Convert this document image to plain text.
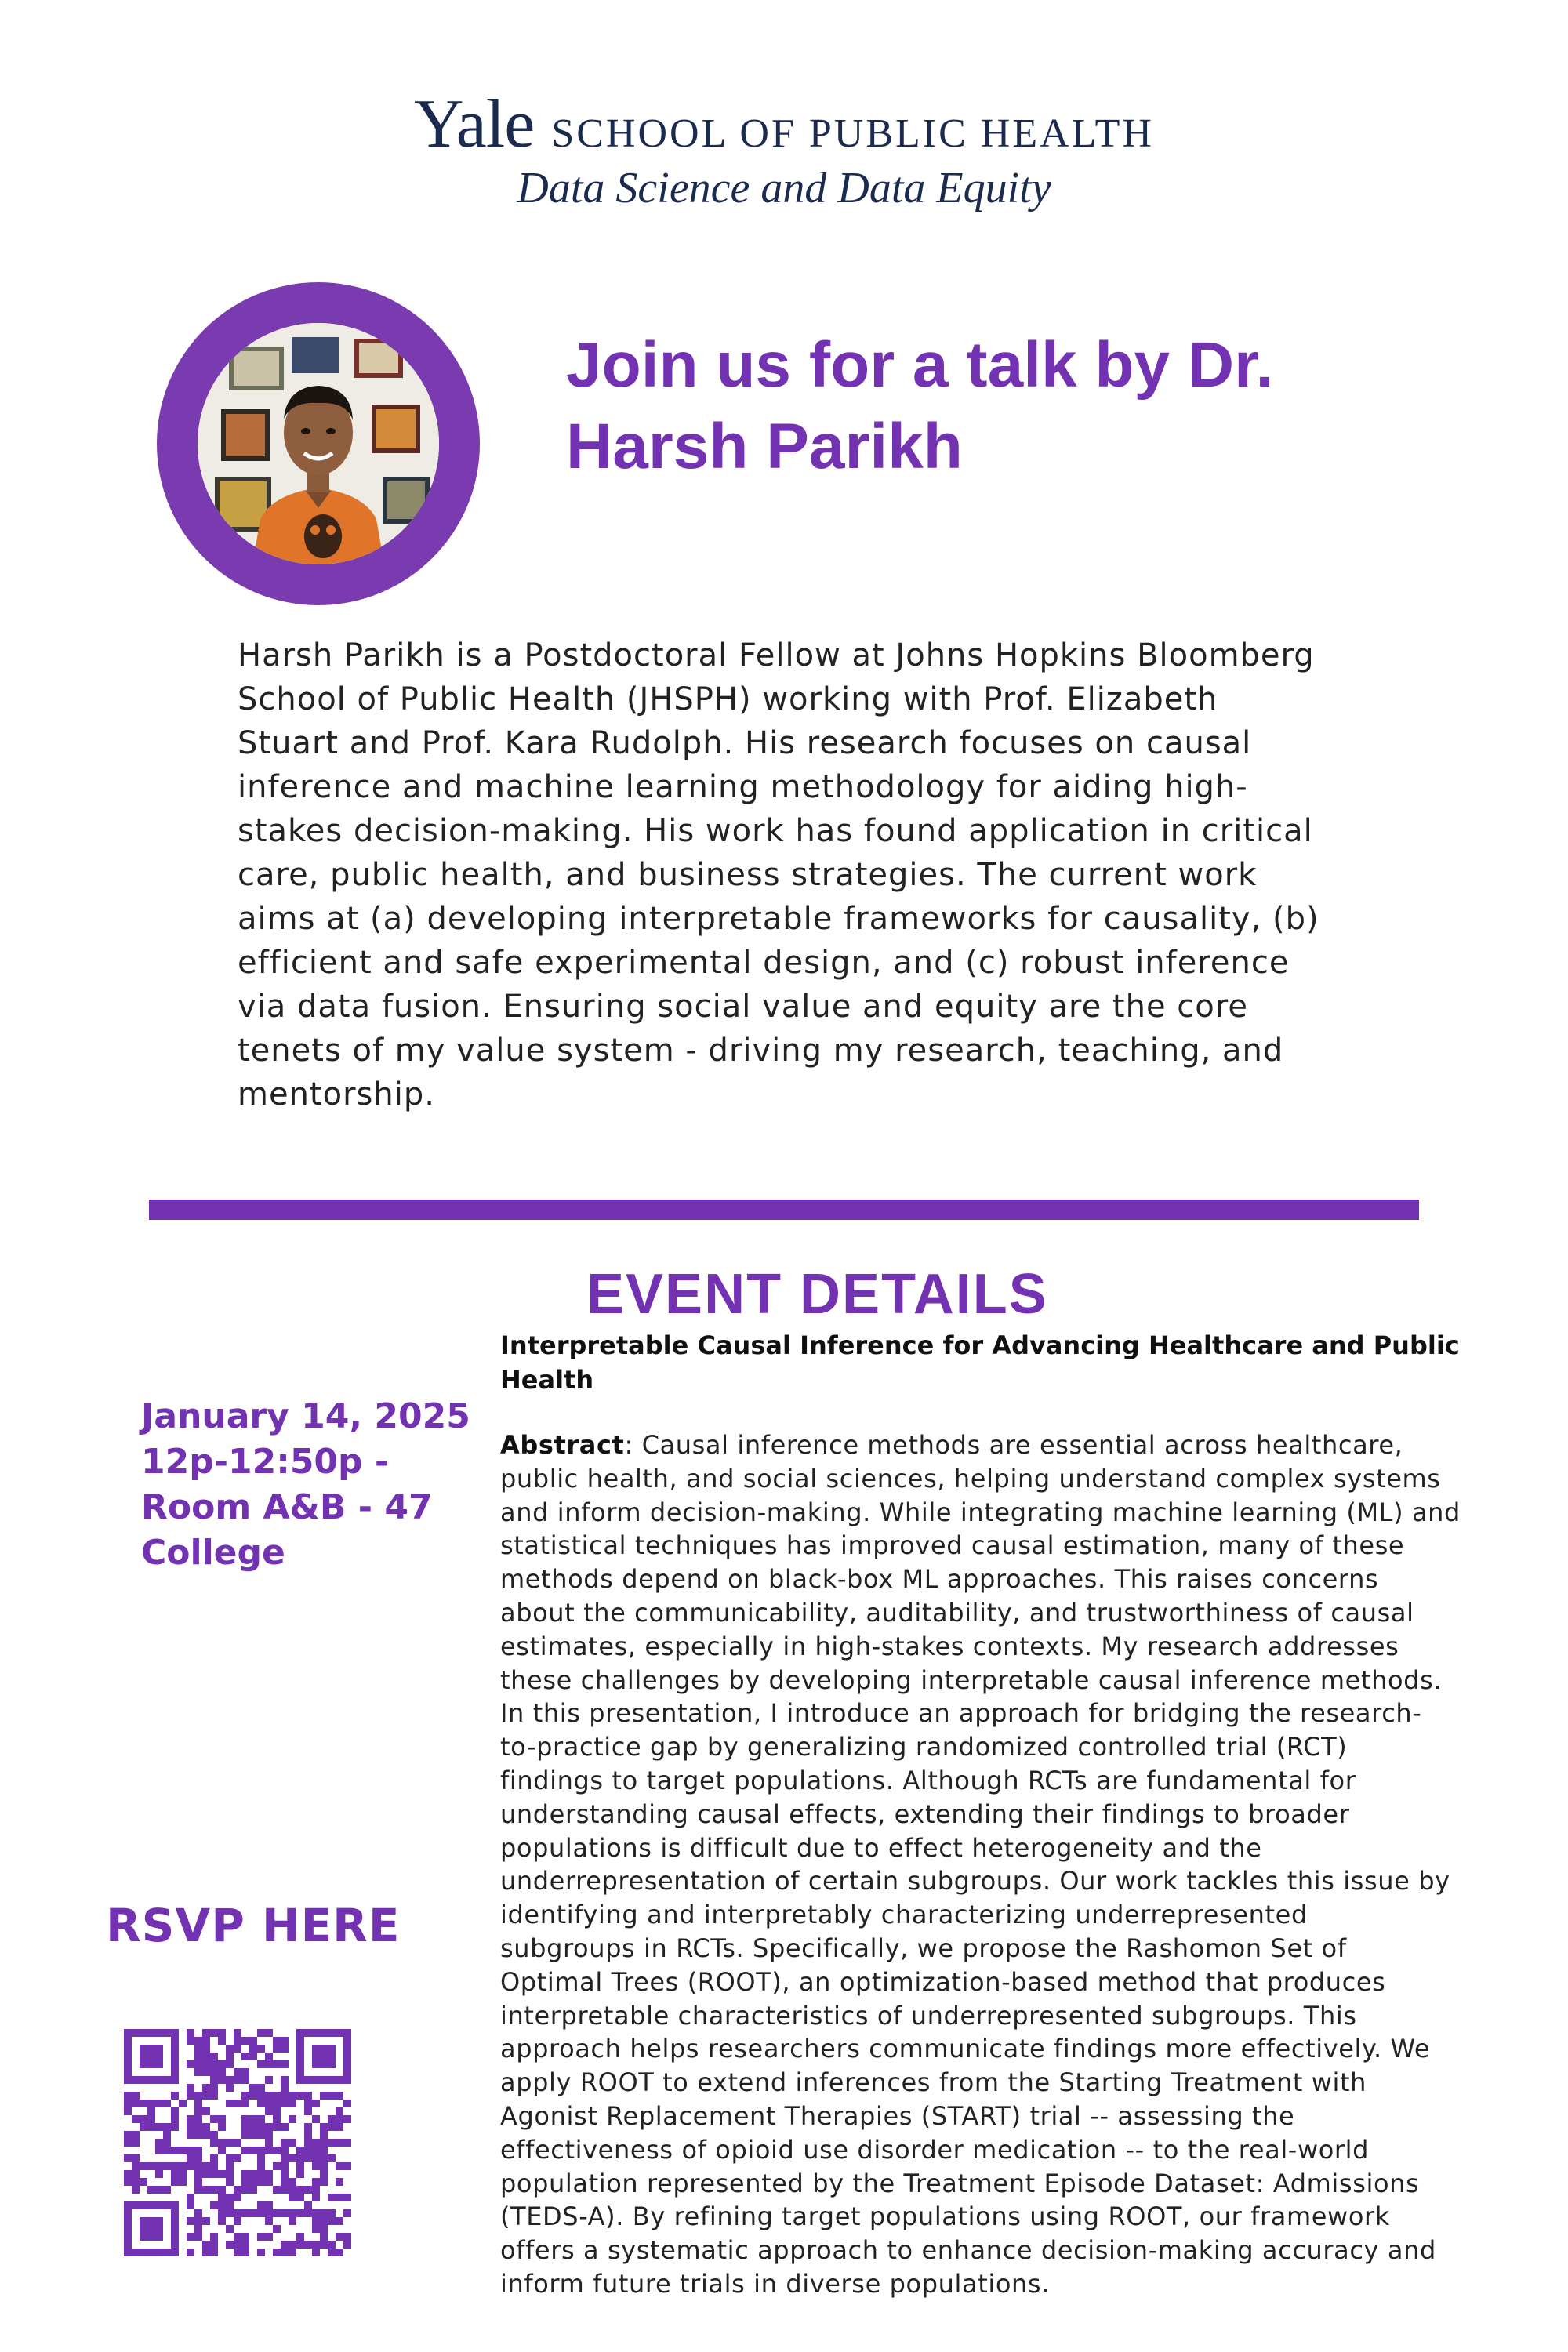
Yale SCHOOL OF PUBLIC HEALTH
Data Science and Data Equity
Join us for a talk by Dr.
Harsh Parikh
Harsh Parikh is a Postdoctoral Fellow at Johns Hopkins Bloomberg
School of Public Health (JHSPH) working with Prof. Elizabeth
Stuart and Prof. Kara Rudolph. His research focuses on causal
inference and machine learning methodology for aiding high-
stakes decision-making. His work has found application in critical
care, public health, and business strategies. The current work
aims at (a) developing interpretable frameworks for causality, (b)
efficient and safe experimental design, and (c) robust inference
via data fusion. Ensuring social value and equity are the core
tenets of my value system - driving my research, teaching, and
mentorship.
EVENT DETAILS
Interpretable Causal Inference for Advancing Healthcare and Public
Health
Abstract: Causal inference methods are essential across healthcare,
public health, and social sciences, helping understand complex systems
and inform decision-making. While integrating machine learning (ML) and
statistical techniques has improved causal estimation, many of these
methods depend on black-box ML approaches. This raises concerns
about the communicability, auditability, and trustworthiness of causal
estimates, especially in high-stakes contexts. My research addresses
these challenges by developing interpretable causal inference methods.
In this presentation, I introduce an approach for bridging the research-
to-practice gap by generalizing randomized controlled trial (RCT)
findings to target populations. Although RCTs are fundamental for
understanding causal effects, extending their findings to broader
populations is difficult due to effect heterogeneity and the
underrepresentation of certain subgroups. Our work tackles this issue by
identifying and interpretably characterizing underrepresented
subgroups in RCTs. Specifically, we propose the Rashomon Set of
Optimal Trees (ROOT), an optimization-based method that produces
interpretable characteristics of underrepresented subgroups. This
approach helps researchers communicate findings more effectively. We
apply ROOT to extend inferences from the Starting Treatment with
Agonist Replacement Therapies (START) trial -- assessing the
effectiveness of opioid use disorder medication -- to the real-world
population represented by the Treatment Episode Dataset: Admissions
(TEDS-A). By refining target populations using ROOT, our framework
offers a systematic approach to enhance decision-making accuracy and
inform future trials in diverse populations.
January 14, 2025
12p-12:50p -
Room A&B - 47
College
RSVP HERE
